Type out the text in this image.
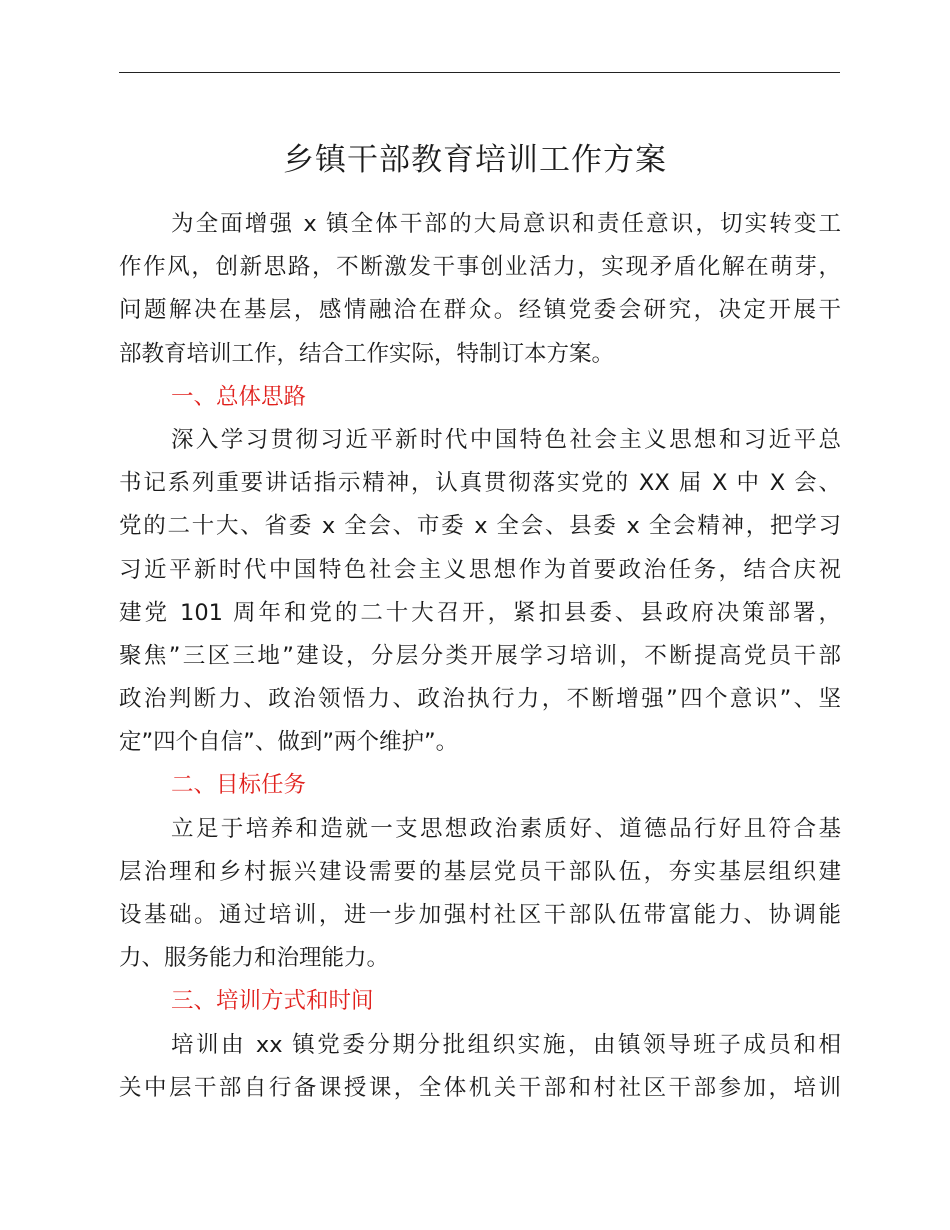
乡镇干部教育培训工作方案
为全面增强 x 镇全体干部的大局意识和责任意识，切实转变工
作作风，创新思路，不断激发干事创业活力，实现矛盾化解在萌芽，
问题解决在基层，感情融洽在群众。经镇党委会研究，决定开展干
部教育培训工作，结合工作实际，特制订本方案。
一、总体思路
深入学习贯彻习近平新时代中国特色社会主义思想和习近平总
书记系列重要讲话指示精神，认真贯彻落实党的 XX 届 X 中 X 会、
党的二十大、省委 x 全会、市委 x 全会、县委 x 全会精神，把学习
习近平新时代中国特色社会主义思想作为首要政治任务，结合庆祝
建党 101 周年和党的二十大召开，紧扣县委、县政府决策部署，
聚焦”三区三地”建设，分层分类开展学习培训，不断提高党员干部
政治判断力、政治领悟力、政治执行力，不断增强”四个意识”、坚
定”四个自信”、做到”两个维护”。
二、目标任务
立足于培养和造就一支思想政治素质好、道德品行好且符合基
层治理和乡村振兴建设需要的基层党员干部队伍，夯实基层组织建
设基础。通过培训，进一步加强村社区干部队伍带富能力、协调能
力、服务能力和治理能力。
三、培训方式和时间
培训由 xx 镇党委分期分批组织实施，由镇领导班子成员和相
关中层干部自行备课授课，全体机关干部和村社区干部参加，培训
